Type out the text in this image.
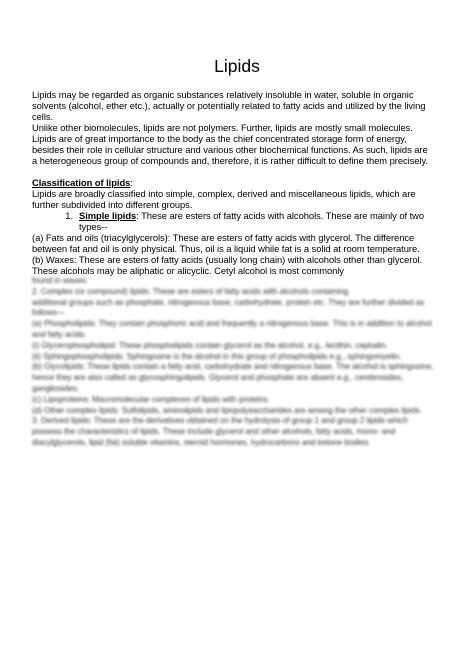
Lipids

Lipids may be regarded as organic substances relatively insoluble in water, soluble in organic solvents (alcohol, ether etc.), actually or potentially related to fatty acids and utilized by the living cells.

Unlike other biomolecules, lipids are not polymers. Further, lipids are mostly small molecules. Lipids are of great importance to the body as the chief concentrated storage form of energy, besides their role in cellular structure and various other biochemical functions. As such, lipids are a heterogeneous group of compounds and, therefore, it is rather difficult to define them precisely.

Classification of lipids:

Lipids are broadly classified into simple, complex, derived and miscellaneous lipids, which are further subdivided into different groups.

1. Simple lipids: These are esters of fatty acids with alcohols. These are mainly of two types--

(a) Fats and oils (triacylglycerols): These are esters of fatty acids with glycerol. The difference between fat and oil is only physical. Thus, oil is a liquid while fat is a solid at room temperature.

(b) Waxes: These are esters of fatty acids (usually long chain) with alcohols other than glycerol. These alcohols may be aliphatic or alicyclic. Cetyl alcohol is most commonly

found in waxes.

2. Complex (or compound) lipids: These are esters of fatty acids with alcohols containing

additional groups such as phosphate, nitrogenous base, carbohydrate, protein etc. They are further divided as follows—

(a) Phospholipids: They contain phosphoric acid and frequently a nitrogenous base. This is in addition to alcohol and fatty acids.

(i) Glycerophospholipid: These phospholipids contain glycerol as the alcohol, e.g., lecithin, cephalin.

(ii) Sphingophospholipids: Sphingosine is the alcohol in this group of phospholipids e.g., sphingomyelin.

(b) Glycolipids: These lipids contain a fatty acid, carbohydrate and nitrogenous base. The alcohol is sphingosine, hence they are also called as glycosphingolipids. Glycerol and phosphate are absent e.g., cerebrosides, gangliosides.

(c) Lipoproteins: Macromolecular complexes of lipids with proteins.

(d) Other complex lipids: Sulfolipids, aminolipids and lipopolysaccharides are among the other complex lipids.

3. Derived lipids: These are the derivatives obtained on the hydrolysis of group 1 and group 2 lipids which possess the characteristics of lipids. These include glycerol and other alcohols, fatty acids, mono- and diacylglycerols, lipid (fat) soluble vitamins, steroid hormones, hydrocarbons and ketone bodies.
